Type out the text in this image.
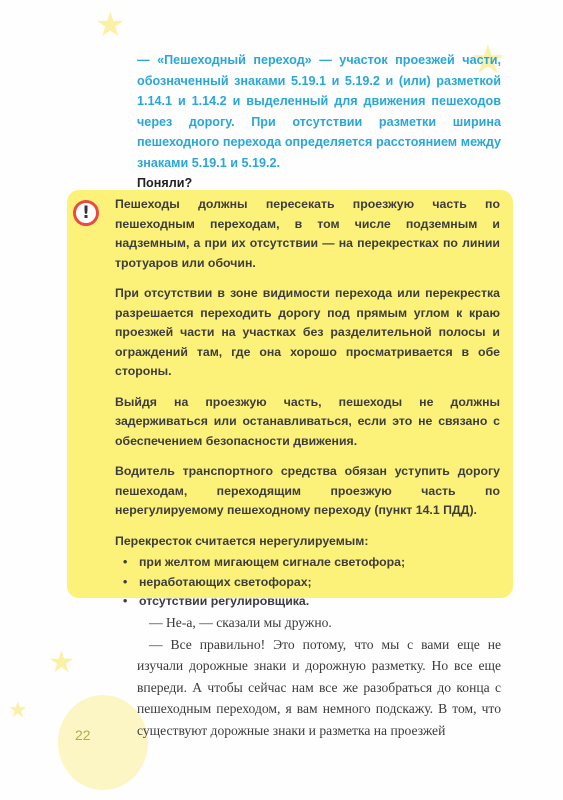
★
★
★
★
— «Пешеходный переход» — участок проезжей части, обозначенный знаками 5.19.1 и 5.19.2 и (или) разметкой 1.14.1 и 1.14.2 и выделенный для движения пешеходов через дорогу. При отсутствии разметки ширина пешеходного перехода определяется расстоянием между знаками 5.19.1 и 5.19.2.
Поняли?
!	Пешеходы должны пересекать проезжую часть по пешеходным переходам, в том числе подземным и надземным, а при их отсутствии — на перекрестках по линии тротуаров или обочин.

При отсутствии в зоне видимости перехода или перекрестка разрешается переходить дорогу под прямым углом к краю проезжей части на участках без разделительной полосы и ограждений там, где она хорошо просматривается в обе стороны.

Выйдя на проезжую часть, пешеходы не должны задерживаться или останавливаться, если это не связано с обеспечением безопасности движения.

Водитель транспортного средства обязан уступить дорогу пешеходам, переходящим проезжую часть по нерегулируемому пешеходному переходу (пункт 14.1 ПДД).

Перекресток считается нерегулируемым:

• при желтом мигающем сигнале светофора;
• неработающих светофорах;
• отсутствии регулировщика.

— Не-а, — сказали мы дружно.

— Все правильно! Это потому, что мы с вами еще не изучали дорожные знаки и дорожную разметку. Но все еще впереди. А чтобы сейчас нам все же разобраться до конца с пешеходным переходом, я вам немного подскажу. В том, что существуют дорожные знаки и разметка на проезжей

22
